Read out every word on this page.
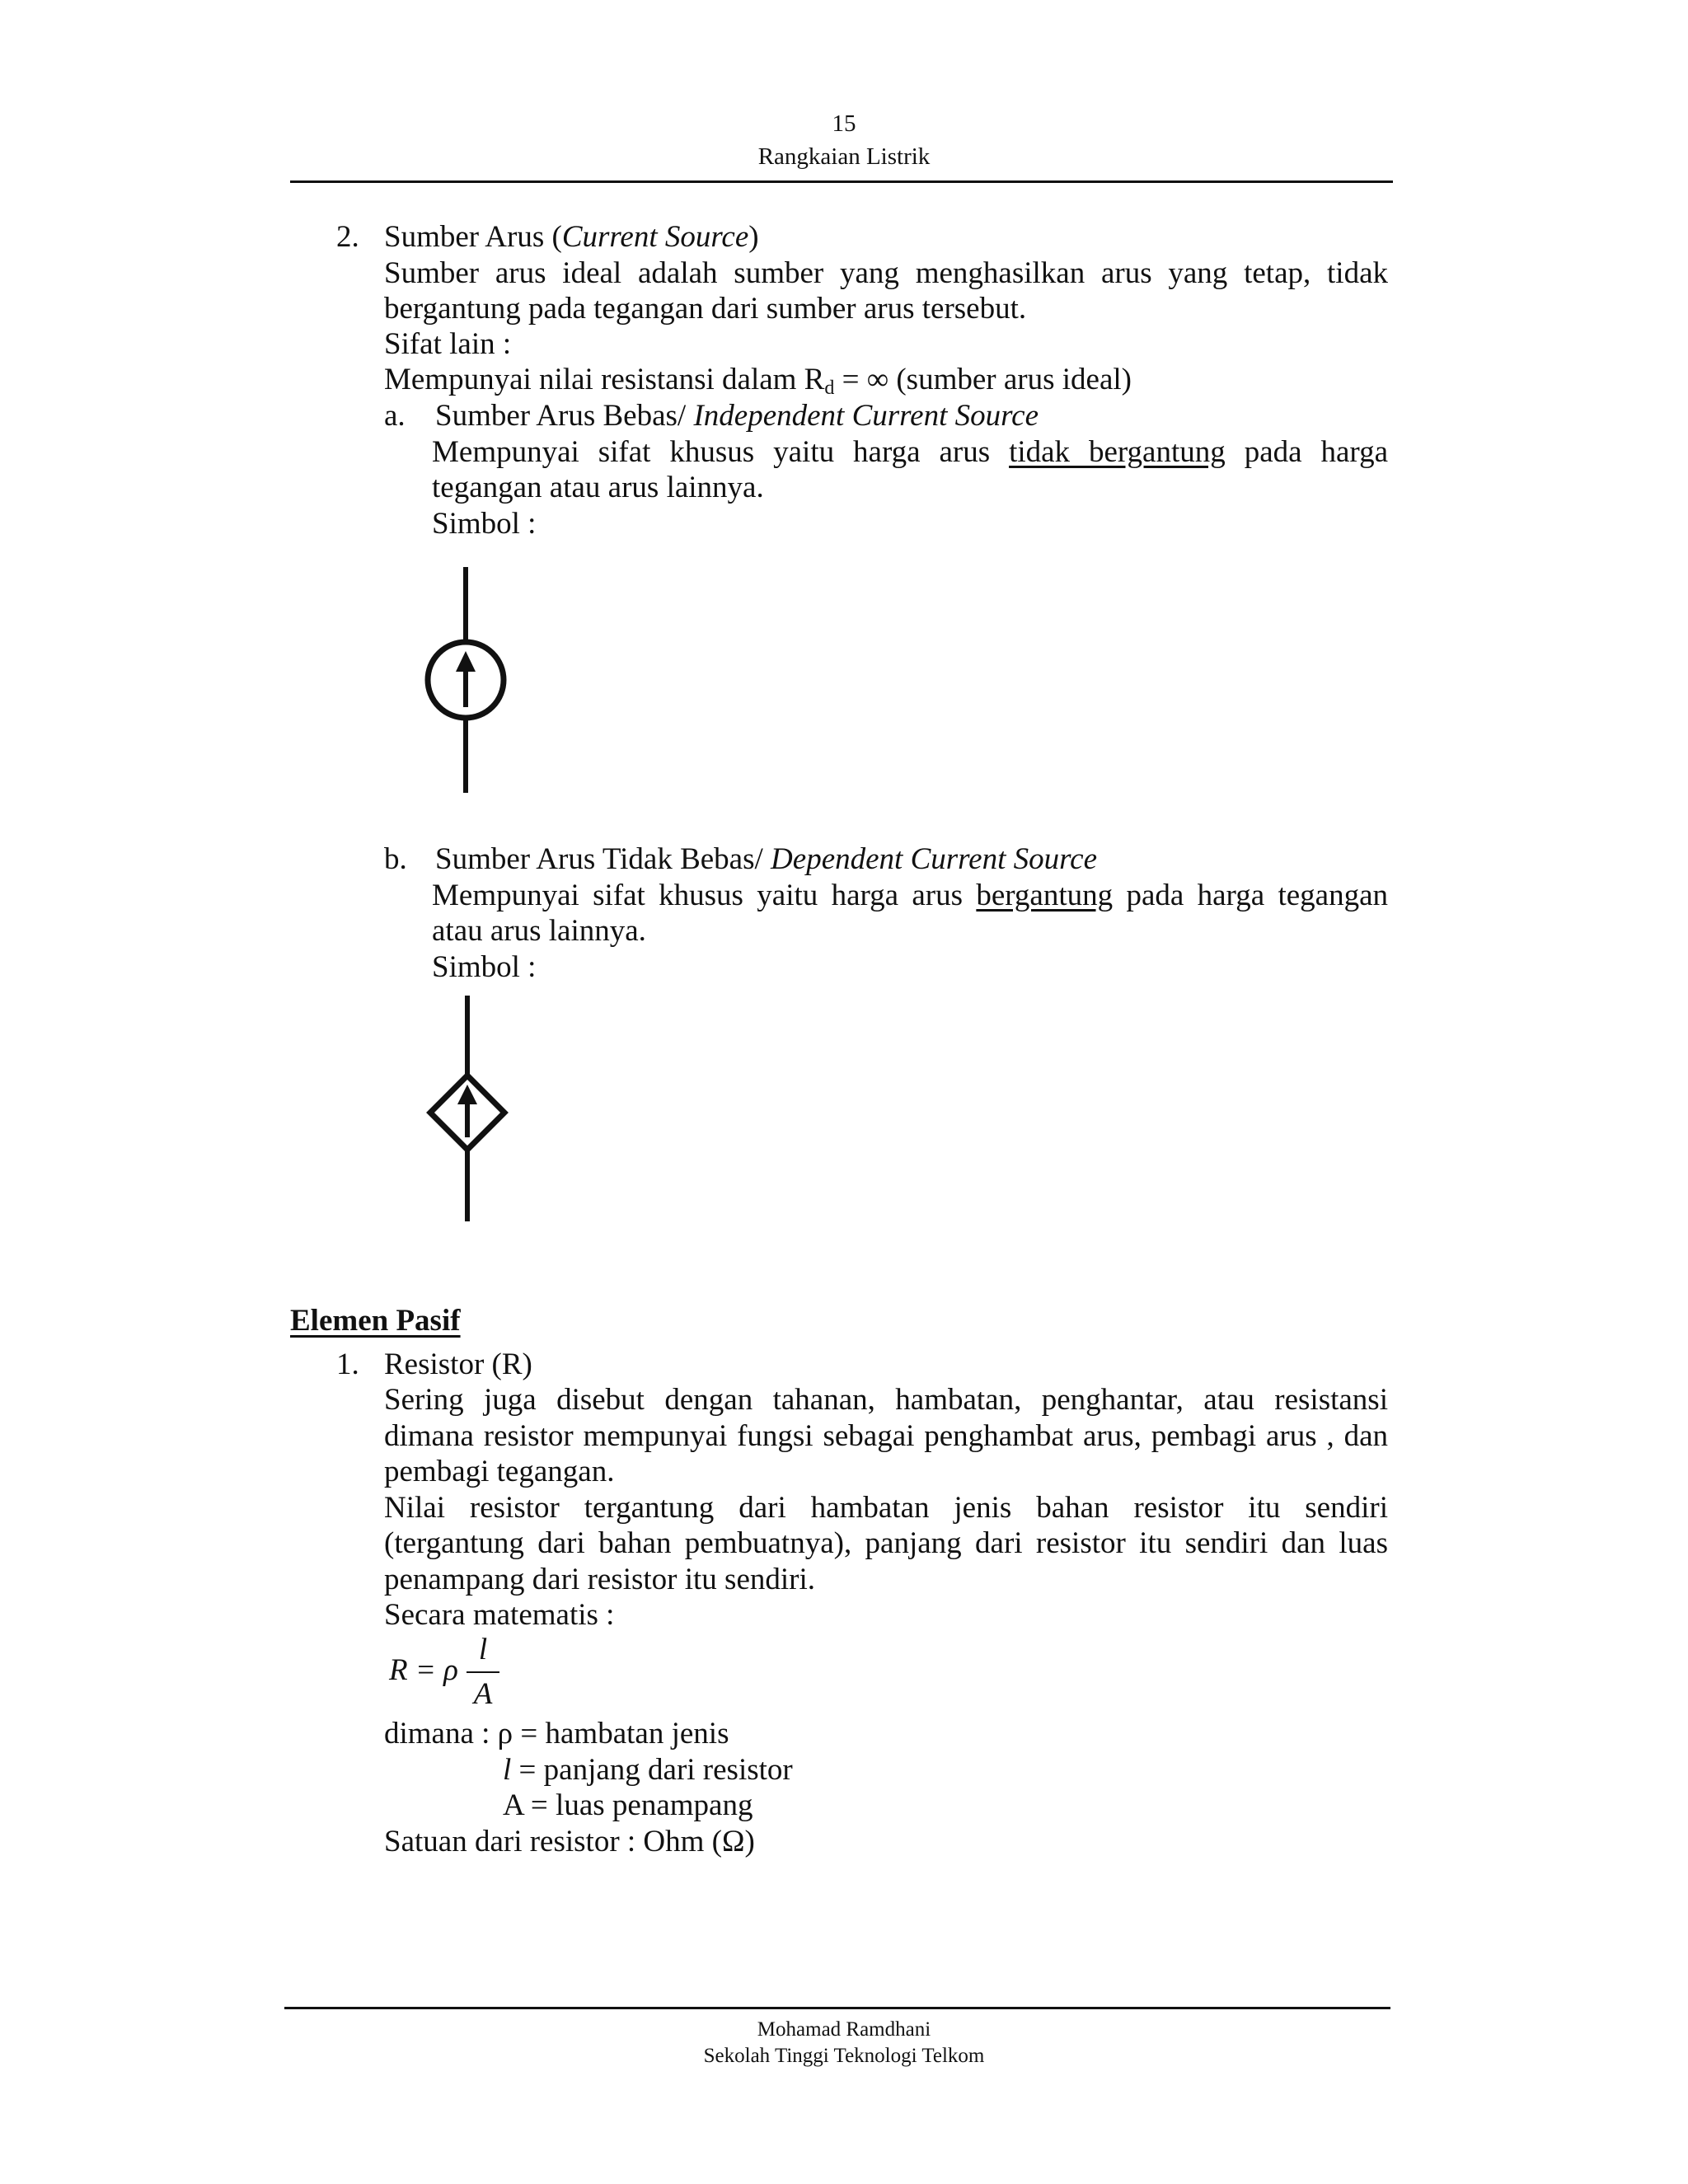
15
Rangkaian Listrik
2. Sumber Arus (Current Source)
Sumber arus ideal adalah sumber yang menghasilkan arus yang tetap, tidak
bergantung pada tegangan dari sumber arus tersebut.
Sifat lain :
Mempunyai nilai resistansi dalam $R_d$ = ∞ (sumber arus ideal)
a. Sumber Arus Bebas/ Independent Current Source
Mempunyai sifat khusus yaitu harga arus tidak bergantung pada harga
tegangan atau arus lainnya.
Simbol :
b. Sumber Arus Tidak Bebas/ Dependent Current Source
Mempunyai sifat khusus yaitu harga arus bergantung pada harga tegangan
atau arus lainnya.
Simbol :
Elemen Pasif
1. Resistor (R)
Sering juga disebut dengan tahanan, hambatan, penghantar, atau resistansi
dimana resistor mempunyai fungsi sebagai penghambat arus, pembagi arus , dan
pembagi tegangan.
Nilai resistor tergantung dari hambatan jenis bahan resistor itu sendiri
(tergantung dari bahan pembuatnya), panjang dari resistor itu sendiri dan luas
penampang dari resistor itu sendiri.
Secara matematis :
R = ρ
l
A
dimana : ρ = hambatan jenis
l = panjang dari resistor
A = luas penampang
Satuan dari resistor : Ohm (Ω)
Mohamad Ramdhani
Sekolah Tinggi Teknologi Telkom
